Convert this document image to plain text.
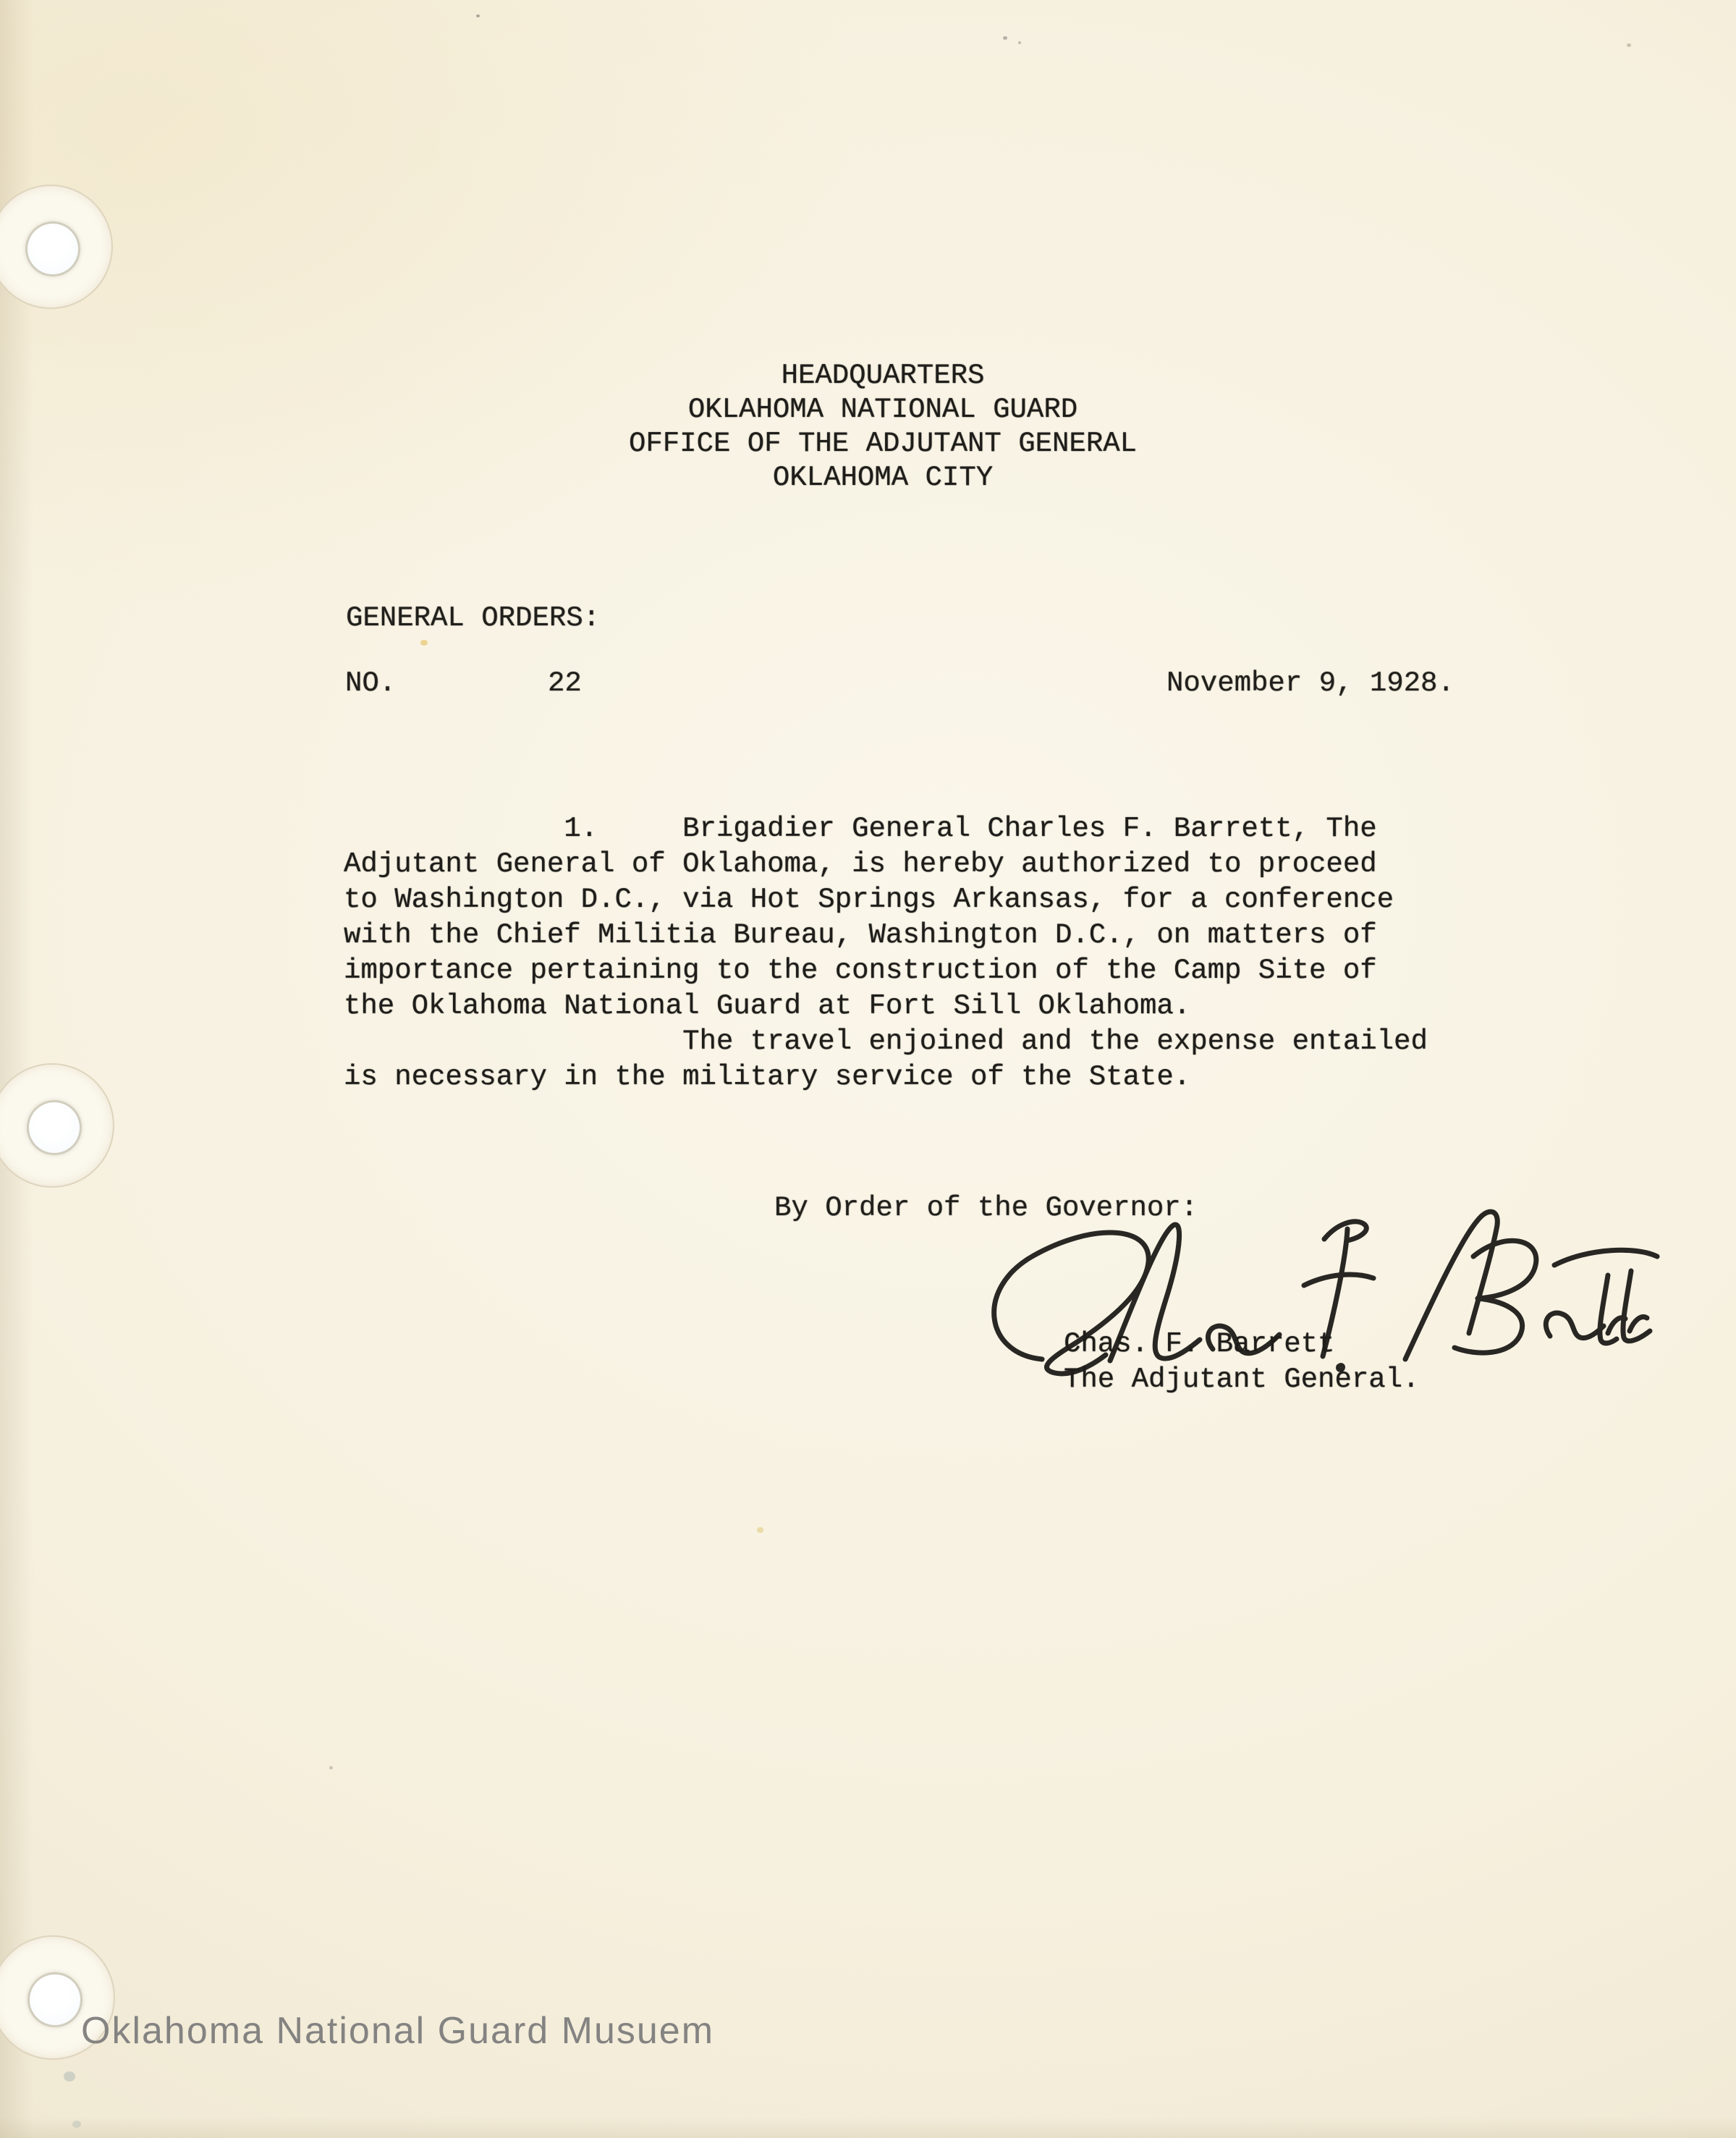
HEADQUARTERS
OKLAHOMA NATIONAL GUARD
OFFICE OF THE ADJUTANT GENERAL
OKLAHOMA CITY
GENERAL ORDERS:
NO.	22	November 9, 1928.
1.     Brigadier General Charles F. Barrett, The
Adjutant General of Oklahoma, is hereby authorized to proceed
to Washington D.C., via Hot Springs Arkansas, for a conference
with the Chief Militia Bureau, Washington D.C., on matters of
importance pertaining to the construction of the Camp Site of
the Oklahoma National Guard at Fort Sill Oklahoma.
The travel enjoined and the expense entailed
is necessary in the military service of the State.
By Order of the Governor:
Chas. F. Barrett
The Adjutant General.
Oklahoma National Guard Musuem
